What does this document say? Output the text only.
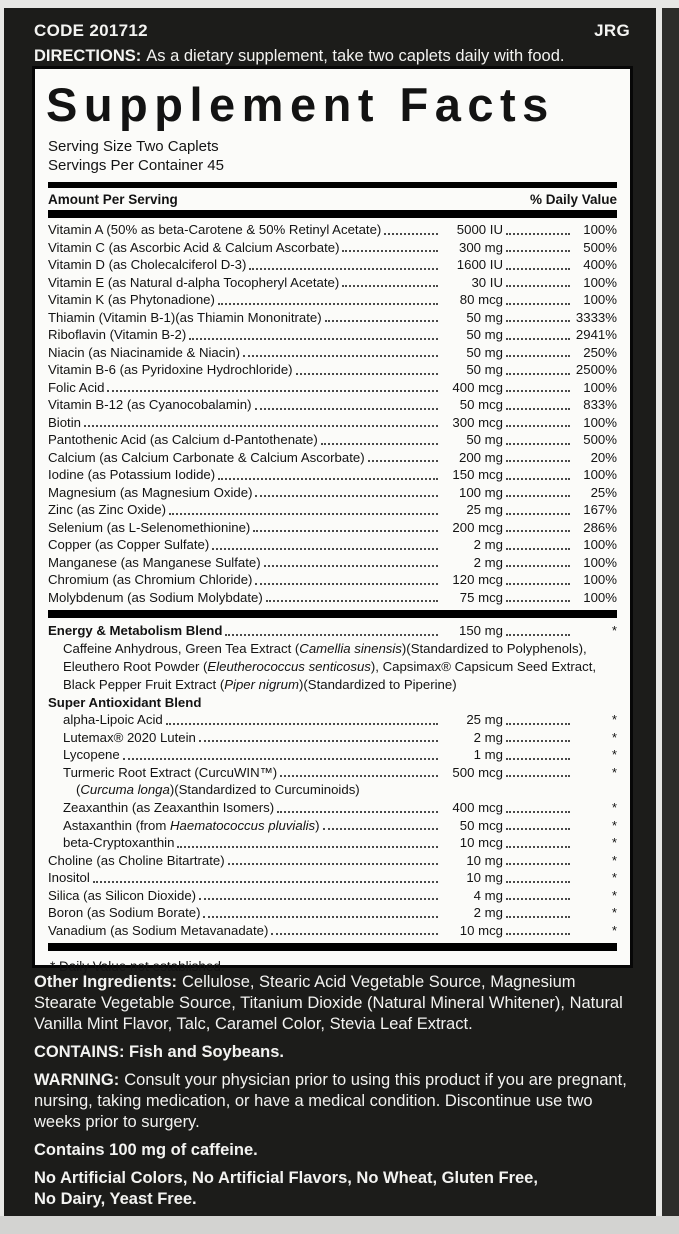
CODE 201712	JRG
DIRECTIONS: As a dietary supplement, take two caplets daily with food.
Supplement Facts
Serving Size Two Caplets
Servings Per Container 45
Amount Per Serving	% Daily Value
Vitamin A (50% as beta-Carotene & 50% Retinyl Acetate)	5000 IU	100%
Vitamin C (as Ascorbic Acid & Calcium Ascorbate)	300 mg	500%
Vitamin D (as Cholecalciferol D-3)	1600 IU	400%
Vitamin E (as Natural d-alpha Tocopheryl Acetate)	30 IU	100%
Vitamin K (as Phytonadione)	80 mcg	100%
Thiamin (Vitamin B-1)(as Thiamin Mononitrate)	50 mg	3333%
Riboflavin (Vitamin B-2)	50 mg	2941%
Niacin (as Niacinamide & Niacin)	50 mg	250%
Vitamin B-6 (as Pyridoxine Hydrochloride)	50 mg	2500%
Folic Acid	400 mcg	100%
Vitamin B-12 (as Cyanocobalamin)	50 mcg	833%
Biotin	300 mcg	100%
Pantothenic Acid (as Calcium d-Pantothenate)	50 mg	500%
Calcium (as Calcium Carbonate & Calcium Ascorbate)	200 mg	20%
Iodine (as Potassium Iodide)	150 mcg	100%
Magnesium (as Magnesium Oxide)	100 mg	25%
Zinc (as Zinc Oxide)	25 mg	167%
Selenium (as L-Selenomethionine)	200 mcg	286%
Copper (as Copper Sulfate)	2 mg	100%
Manganese (as Manganese Sulfate)	2 mg	100%
Chromium (as Chromium Chloride)	120 mcg	100%
Molybdenum (as Sodium Molybdate)	75 mcg	100%
Energy & Metabolism Blend	150 mg	*
Caffeine Anhydrous, Green Tea Extract (Camellia sinensis)(Standardized to Polyphenols),
Eleuthero Root Powder (Eleutherococcus senticosus), Capsimax® Capsicum Seed Extract,
Black Pepper Fruit Extract (Piper nigrum)(Standardized to Piperine)
Super Antioxidant Blend
alpha-Lipoic Acid	25 mg	*
Lutemax® 2020 Lutein	2 mg	*
Lycopene	1 mg	*
Turmeric Root Extract (CurcuWIN™)	500 mcg	*
(Curcuma longa)(Standardized to Curcuminoids)
Zeaxanthin (as Zeaxanthin Isomers)	400 mcg	*
Astaxanthin (from Haematococcus pluvialis)	50 mcg	*
beta-Cryptoxanthin	10 mcg	*
Choline (as Choline Bitartrate)	10 mg	*
Inositol	10 mg	*
Silica (as Silicon Dioxide)	4 mg	*
Boron (as Sodium Borate)	2 mg	*
Vanadium (as Sodium Metavanadate)	10 mcg	*
* Daily Value not established.

Other Ingredients: Cellulose, Stearic Acid Vegetable Source, Magnesium Stearate Vegetable Source, Titanium Dioxide (Natural Mineral Whitener), Natural Vanilla Mint Flavor, Talc, Caramel Color, Stevia Leaf Extract.

CONTAINS: Fish and Soybeans.

WARNING: Consult your physician prior to using this product if you are pregnant, nursing, taking medication, or have a medical condition. Discontinue use two weeks prior to surgery.

Contains 100 mg of caffeine.

No Artificial Colors, No Artificial Flavors, No Wheat, Gluten Free,
No Dairy, Yeast Free.
